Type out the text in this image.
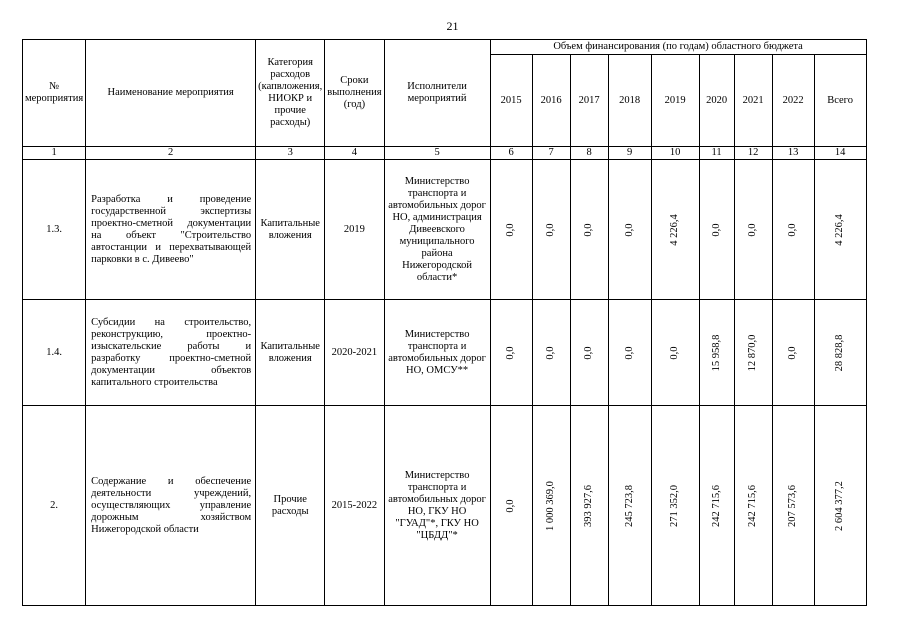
21
№ мероприятия	Наименование мероприятия	Категория расходов (капвложения, НИОКР и прочие расходы)	Сроки выполнения (год)	Исполнители мероприятий	Объем финансирования (по годам) областного бюджета								
					2015	2016	2017	2018	2019	2020	2021	2022	Всего
1	2	3	4	5	6	7	8	9	10	11	12	13	14
1.3.	Разработка и проведение государственной экспертизы проектно-сметной документации на объект "Строительство автостанции и перехватывающей парковки в с. Дивеево"	Капитальные вложения	2019	Министерство транспорта и автомобильных дорог НО, администрация Дивеевского муниципального района Нижегородской области*	0,0	0,0	0,0	0,0	4 226,4	0,0	0,0	0,0	4 226,4

1.4.	Субсидии на строительство, реконструкцию, проектно-изыскательские работы и разработку проектно-сметной документации объектов капитального строительства	Капитальные вложения	2020-2021	Министерство транспорта и автомобильных дорог НО, ОМСУ**	0,0	0,0	0,0	0,0	0,0	15 958,8	12 870,0	0,0	28 828,8

2.	Содержание и обеспечение деятельности учреждений, осуществляющих управление дорожным хозяйством Нижегородской области	Прочие расходы	2015-2022	Министерство транспорта и автомобильных дорог НО, ГКУ НО "ГУАД"*, ГКУ НО "ЦБДД"*	0,0	1 000 369,0	393 927,6	245 723,8	271 352,0	242 715,6	242 715,6	207 573,6	2 604 377,2
